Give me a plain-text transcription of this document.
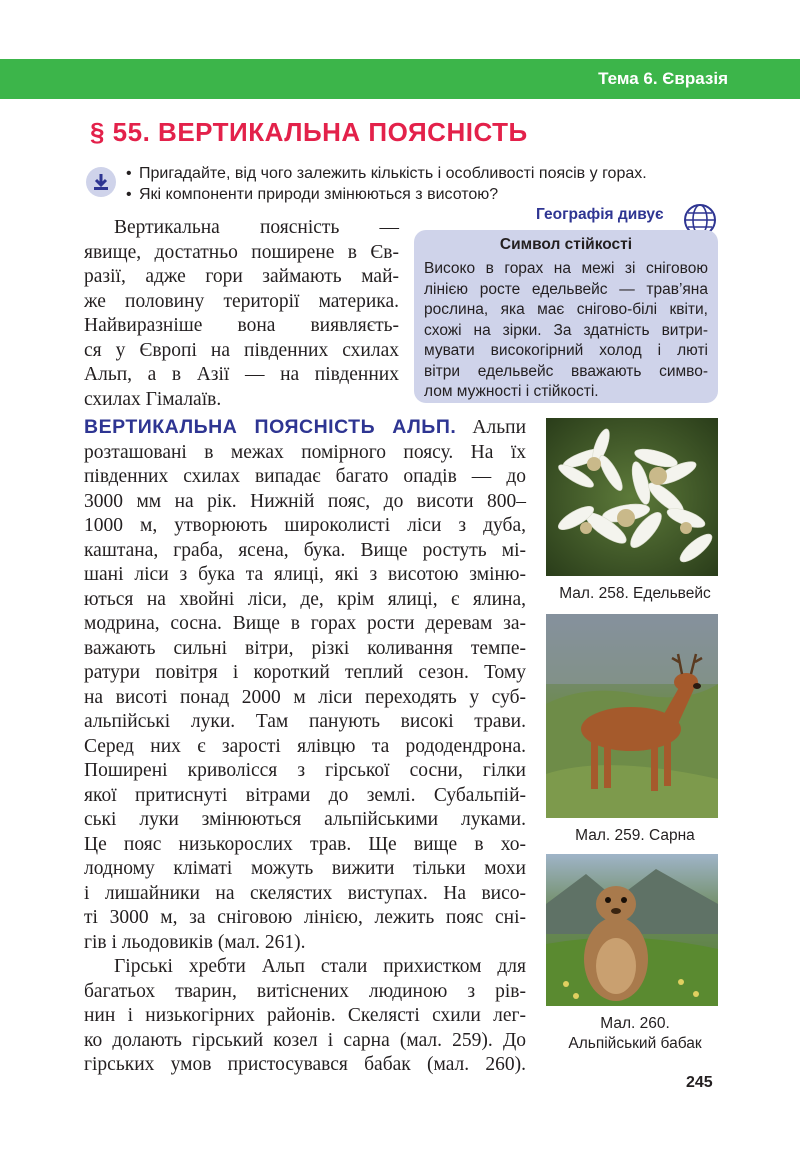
Тема 6. Євразія
§ 55. ВЕРТИКАЛЬНА ПОЯСНІСТЬ
• Пригадайте, від чого залежить кількість і особливості поясів у горах.
• Які компоненти природи змінюються з висотою?
Вертикальна поясність —
явище, достатньо поширене в Єв-
разії, адже гори займають май-
же половину території материка.
Найвиразніше вона виявляєть-
ся у Європі на південних схилах
Альп, а в Азії — на південних
схилах Гімалаїв.
Географія дивує
Символ стійкості
Високо в горах на межі зі сніговою
лінією росте едельвейс — трав’яна
рослина, яка має снігово-білі квіти,
схожі на зірки. За здатність витри-
мувати високогірний холод і люті
вітри едельвейс вважають симво-
лом мужності і стійкості.
ВЕРТИКАЛЬНА ПОЯСНІСТЬ АЛЬП. Альпи
розташовані в межах помірного поясу. На їх
південних схилах випадає багато опадів — до
3000 мм на рік. Нижній пояс, до висоти 800–
1000 м, утворюють широколисті ліси з дуба,
каштана, граба, ясена, бука. Вище ростуть мі-
шані ліси з бука та ялиці, які з висотою зміню-
ються на хвойні ліси, де, крім ялиці, є ялина,
модрина, сосна. Вище в горах рости деревам за-
важають сильні вітри, різкі коливання темпе-
ратури повітря і короткий теплий сезон. Тому
на висоті понад 2000 м ліси переходять у суб-
альпійські луки. Там панують високі трави.
Серед них є зарості ялівцю та рододендрона.
Поширені криволісся з гірської сосни, гілки
якої притиснуті вітрами до землі. Субальпій-
ські луки змінюються альпійськими луками.
Це пояс низькорослих трав. Ще вище в хо-
лодному кліматі можуть вижити тільки мохи
і лишайники на скелястих виступах. На висо-
ті 3000 м, за сніговою лінією, лежить пояс сні-
гів і льодовиків (мал. 261).
Гірські хребти Альп стали прихистком для
багатьох тварин, витіснених людиною з рів-
нин і низькогірних районів. Скелясті схили лег-
ко долають гірський козел і сарна (мал. 259). До
гірських умов пристосувався бабак (мал. 260).
Мал. 258. Едельвейс
Мал. 259. Сарна
Мал. 260.
Альпійський бабак
245
